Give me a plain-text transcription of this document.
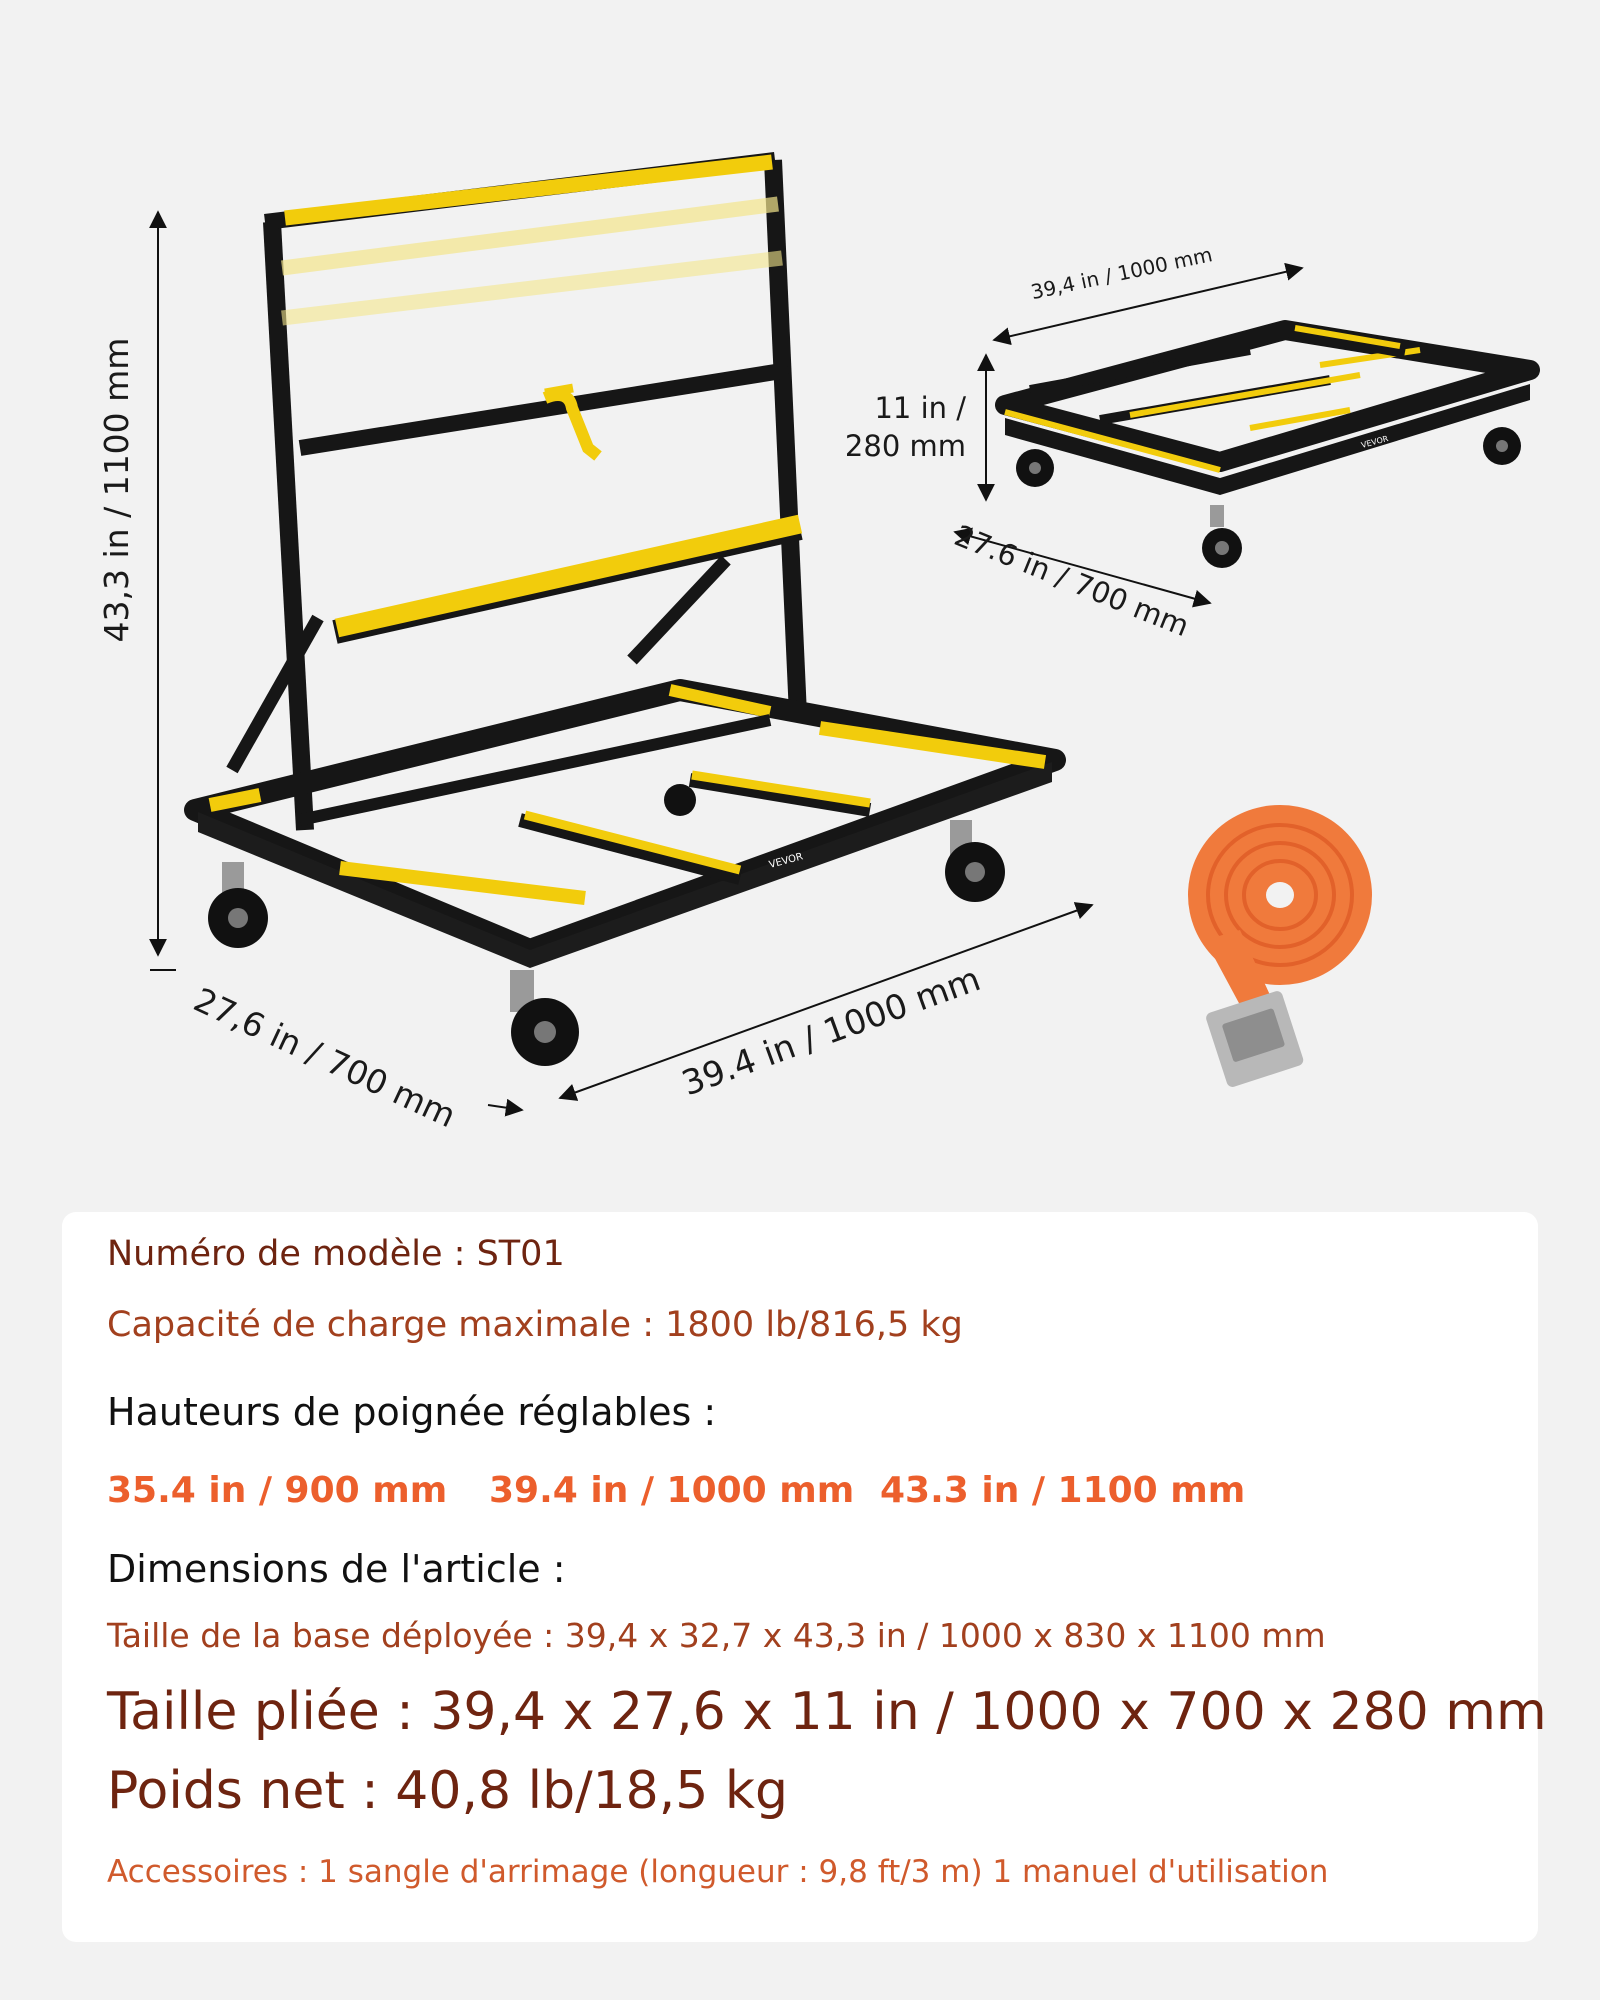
VEVOR
43,3 in / 1100 mm
27,6 in / 700 mm	39.4 in / 1000 mm
VEVOR
39,4 in / 1000 mm
11 in /
280 mm
27.6 in / 700 mm
Numéro de modèle : ST01
Capacité de charge maximale : 1800 lb/816,5 kg
Hauteurs de poignée réglables :
35.4 in / 900 mm 39.4 in / 1000 mm 43.3 in / 1100 mm
Dimensions de l'article :
Taille de la base déployée : 39,4 x 32,7 x 43,3 in / 1000 x 830 x 1100 mm
Taille pliée : 39,4 x 27,6 x 11 in / 1000 x 700 x 280 mm
Poids net : 40,8 lb/18,5 kg
Accessoires : 1 sangle d'arrimage (longueur : 9,8 ft/3 m) 1 manuel d'utilisation
